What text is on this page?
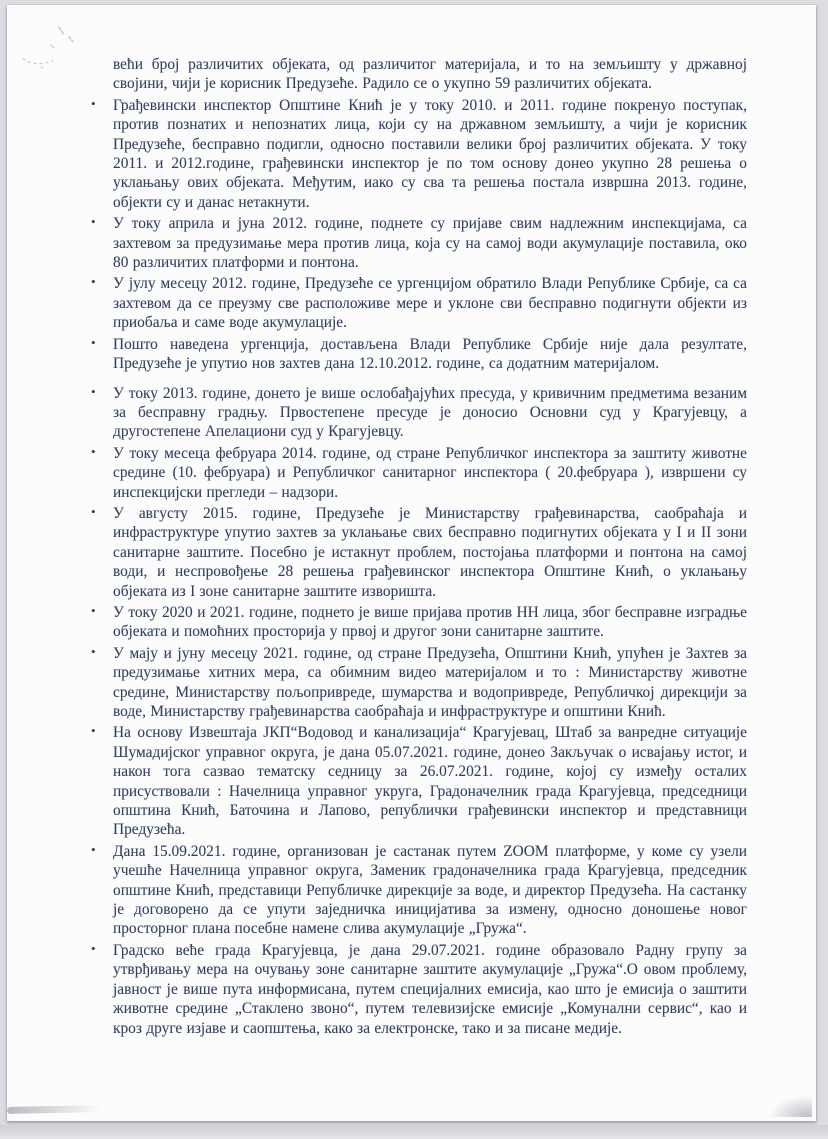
већи број различитих објеката, од различитог материјала, и то на земљишту у државној својини, чији је корисник Предузеће. Радило се о укупно 59 различитих објеката.

• Грађевински инспектор Општине Кнић је у току 2010. и 2011. године покренуо поступак, против познатих и непознатих лица, који су на државном земљишту, а чији је корисник Предузеће, бесправно подигли, односно поставили велики број различитих објеката. У току 2011. и 2012.године, грађевински инспектор је по том основу донео укупно 28 решења о уклањању ових објеката. Међутим, иако су сва та решења постала извршна 2013. године, објекти су и данас нетакнути.
• У току априла и јуна 2012. године, поднете су пријаве свим надлежним инспекцијама, са захтевом за предузимање мера против лица, која су на самој води акумулације поставила, око 80 различитих платформи и понтона.
• У јулу месецу 2012. године, Предузеће се ургенцијом обратило Влади Републике Србије, са са захтевом да се преузму све расположиве мере и уклоне сви бесправно подигнути објекти из приобаља и саме воде акумулације.
• Пошто наведена ургенција, достављена Влади Републике Србије није дала резултате, Предузеће је упутио нов захтев дана 12.10.2012. године, са додатним материјалом.
• У току 2013. године, донето је више ослобађајућих пресуда, у кривичним предметима везаним за бесправну градњу. Првостепене пресуде је доносио Основни суд у Крагујевцу, а другостепене Апелациони суд у Крагујевцу.
• У току месеца фебруара 2014. године, од стране Републичког инспектора за заштиту животне средине (10. фебруара) и Републичког санитарног инспектора ( 20.фебруара ), извршени су инспекцијски прегледи – надзори.
• У августу 2015. године, Предузеће је Министарству грађевинарства, саобраћаја и инфраструктуре упутио захтев за уклањање свих бесправно подигнутих објеката у I и II зони санитарне заштите. Посебно је истакнут проблем, постојања платформи и понтона на самој води, и неспровођење 28 решења грађевинског инспектора Општине Кнић, о уклањању објеката из I зоне санитарне заштите изворишта.
• У току 2020 и 2021. године, поднето је више пријава против НН лица, због бесправне изградње објеката и помоћних просторија у првој и другог зони санитарне заштите.
• У мају и јуну месецу 2021. године, од стране Предузећа, Општини Кнић, упућен је Захтев за предузимање хитних мера, са обимним видео материјалом и то : Министарству животне средине, Министарству пољопривреде, шумарства и водопривреде, Републичкој дирекцији за воде, Министарству грађевинарства саобраћаја и инфраструктуре и општини Кнић.
• На основу Извештаја ЈКП“Водовод и канализација“ Крагујевац, Штаб за ванредне ситуације Шумадијског управног округа, је дана 05.07.2021. године, донео Закључак о исвајању истог, и након тога сазвао тематску седницу за 26.07.2021. године, којој су између осталих присуствовали : Начелница управног укруга, Градоначелник града Крагујевца, председници општина Кнић, Баточина и Лапово, републички грађевински инспектор и представници Предузећа.
• Дана 15.09.2021. године, организован је састанак путем ZOOM платформе, у коме су узели учешће Начелница управног округа, Заменик градоначелника града Крагујевца, председник општине Кнић, представици Републичке дирекције за воде, и директор Предузећа. На састанку је договорено да се упути заједничка иницијатива за измену, односно доношење новог просторног плана посебне намене слива акумулације „Гружа“.
• Градско веће града Крагујевца, је дана 29.07.2021. године образовало Радну групу за утврђивању мера на очувању зоне санитарне заштите акумулације „Гружа“.О овом проблему, јавност је више пута информисана, путем специјалних емисија, као што је емисија о заштити животне средине „Стаклено звоно“, путем телевизијске емисије „Комунални сервис“, као и кроз друге изјаве и саопштења, како за електронске, тако и за писане медије.
